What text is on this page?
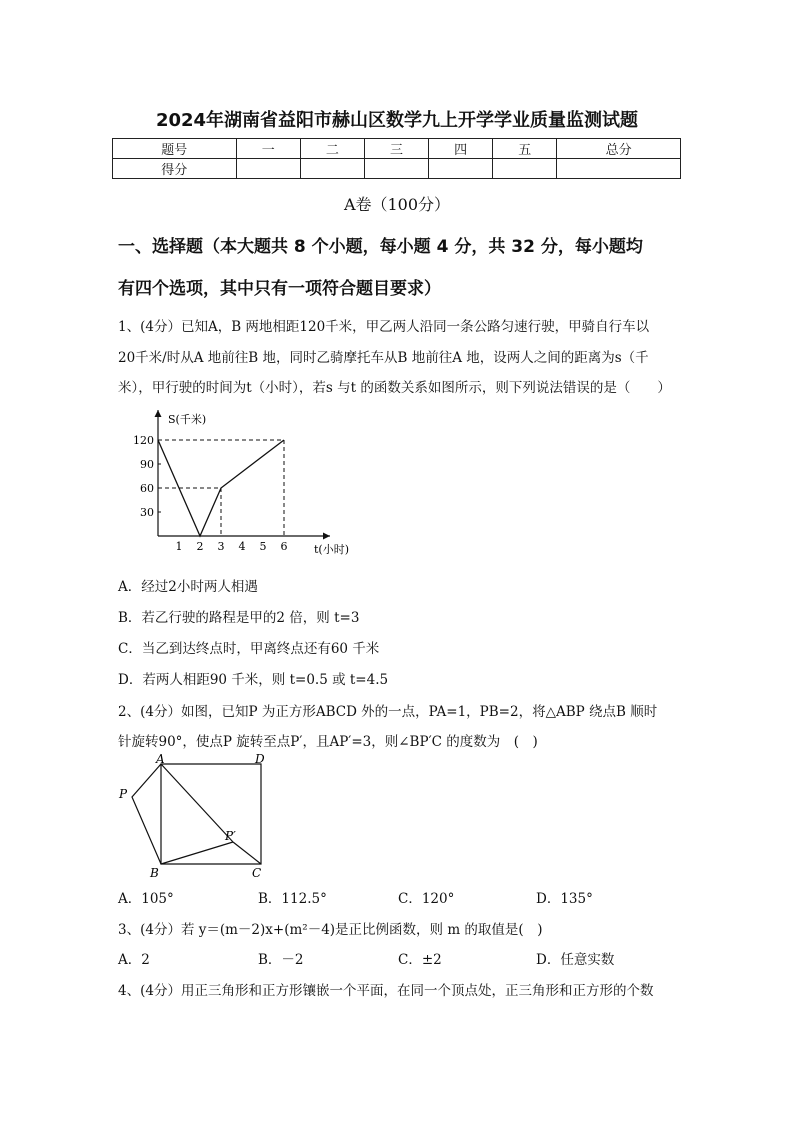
2024年湖南省益阳市赫山区数学九上开学学业质量监测试题
题号	一	二	三	四	五	总分
得分						
A卷（100分）
一、选择题（本大题共 8 个小题，每小题 4 分，共 32 分，每小题均
有四个选项，其中只有一项符合题目要求）
1、(4分）已知A，B 两地相距120千米，甲乙两人沿同一条公路匀速行驶，甲骑自行车以
20千米/时从A 地前往B 地，同时乙骑摩托车从B 地前往A 地，设两人之间的距离为s（千
米），甲行驶的时间为t（小时），若s 与t 的函数关系如图所示，则下列说法错误的是（　　）
S(千米)
t(小时)
120
90
60
30
1 2 3 4 5 6
A．经过2小时两人相遇
B．若乙行驶的路程是甲的2 倍，则 t=3
C．当乙到达终点时，甲离终点还有60 千米
D．若两人相距90 千米，则 t=0.5 或 t=4.5
2、(4分）如图，已知P 为正方形ABCD 外的一点，PA=1，PB=2，将△ABP 绕点B 顺时
针旋转90°，使点P 旋转至点P′，且AP′=3，则∠BP′C 的度数为　(　)
A	D
P
P′
B	C
A．105°	B．112.5°	C．120°	D．135°
3、(4分）若 y＝(m－2)x+(m²－4)是正比例函数，则 m 的取值是(　)
A．2	B．－2	C．±2	D．任意实数
4、(4分）用正三角形和正方形镶嵌一个平面，在同一个顶点处，正三角形和正方形的个数
